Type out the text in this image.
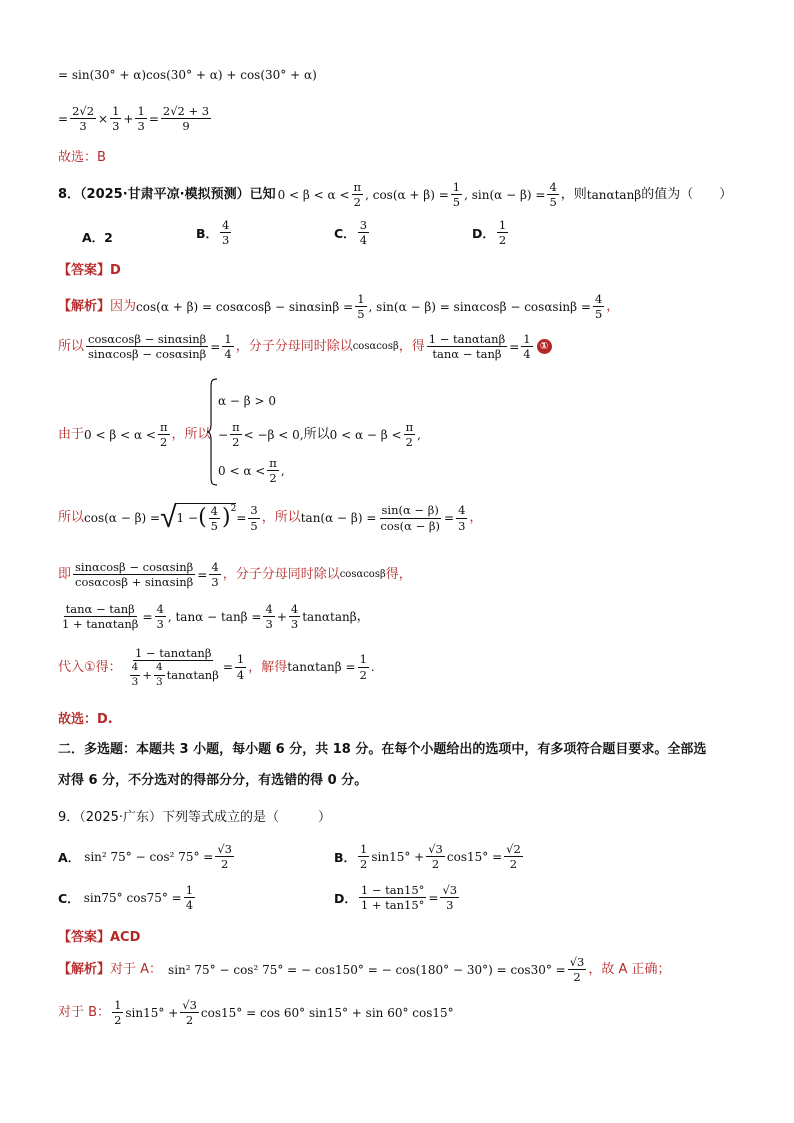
= sin(30° + α)cos(30° + α) + cos(30° + α)
= $\frac{2√2}{3} \times \frac{1}{3} + \frac{1}{3} = \frac{2√2 + 3}{9}$
故选：B
8．（2025·甘肃平凉·模拟预测）已知 $0 < \beta < \alpha < \frac{\pi}{2}$ , $\cos(\alpha + \beta) = \frac{1}{5}$ , $\sin(\alpha - \beta) = \frac{4}{5}$ ，则 tanαtanβ 的值为（　　）
A．2	B． $\frac{4}{3}$	C． $\frac{3}{4}$	D． $\frac{1}{2}$
【答案】D
【解析】 因为 $\cos(\alpha + \beta) = \cos\alpha\cos\beta - \sin\alpha\sin\beta = \frac{1}{5}$ , $\sin(\alpha - \beta) = \sin\alpha\cos\beta - \cos\alpha\sin\beta = \frac{4}{5}$ ，
所以 $\frac{\cos\alpha\cos\beta - \sin\alpha\sin\beta}{\sin\alpha\cos\beta - \cos\alpha\sin\beta} = \frac{1}{4}$ ，分子分母同时除以 cosαcosβ ，得 $\frac{1 - \tan\alpha\tan\beta}{\tan\alpha - \tan\beta} = \frac{1}{4}$ ①
由于 $0 < \beta < \alpha < \frac{\pi}{2}$ ，所以
α − β > 0
− $\frac{\pi}{2} < -\beta < 0$, 所以 $0 < \alpha - \beta < \frac{\pi}{2}$ ,
$0 < \alpha < \frac{\pi}{2}$ ,
所以 cos(α − β) = √ 1 − ( $\frac{4}{5} )^2$
= $\frac{3}{5}$ ，所以 $\tan(\alpha - \beta) = \frac{\sin(\alpha - \beta)}{\cos(\alpha - \beta)} = \frac{4}{3}$ ，
即 $\frac{\sin\alpha\cos\beta - \cos\alpha\sin\beta}{\cos\alpha\cos\beta + \sin\alpha\sin\beta} = \frac{4}{3}$ ，分子分母同时除以 cosαcosβ 得，
$\frac{\tan\alpha - \tan\beta}{1 + \tan\alpha\tan\beta} = \frac{4}{3}$ , $\tan\alpha - \tan\beta = \frac{4}{3} + \frac{4}{3}$ tanαtanβ ，
代入①得： $\frac{1 - \tan\alpha\tan\beta}{\frac{4}{3} + \frac{4}{3} \tan\alpha\tan\beta} = \frac{1}{4}$ ，解得 $\tan\alpha\tan\beta = \frac{1}{2}$ .
故选：D.
二．多选题：本题共 3 小题，每小题 6 分，共 18 分。在每个小题给出的选项中，有多项符合题目要求。全部选
对得 6 分，不分选对的得部分分，有选错的得 0 分。
9．（2025·广东）下列等式成立的是（　　　）
A． sin² 75° − cos² $75^\circ = \frac{√3}{2}$	B． $\frac{1}{2} \sin 15^\circ + \frac{√3}{2} \cos 15^\circ = \frac{√2}{2}$
C． sin75° $\cos 75^\circ = \frac{1}{4}$	D． $\frac{1 - \tan 15^\circ}{1 + \tan 15^\circ} = \frac{√3}{3}$
【答案】ACD
【解析】 对于 A： sin² 75° − cos² 75° = − cos150° = − $\cos(180^\circ - 30^\circ) = \cos 30^\circ = \frac{√3}{2}$ ，故 A 正确；
对于 B： $\frac{1}{2} \sin 15^\circ + \frac{√3}{2} \cos 15^\circ = \cos 60^\circ$ sin15° + sin 60° cos15°
